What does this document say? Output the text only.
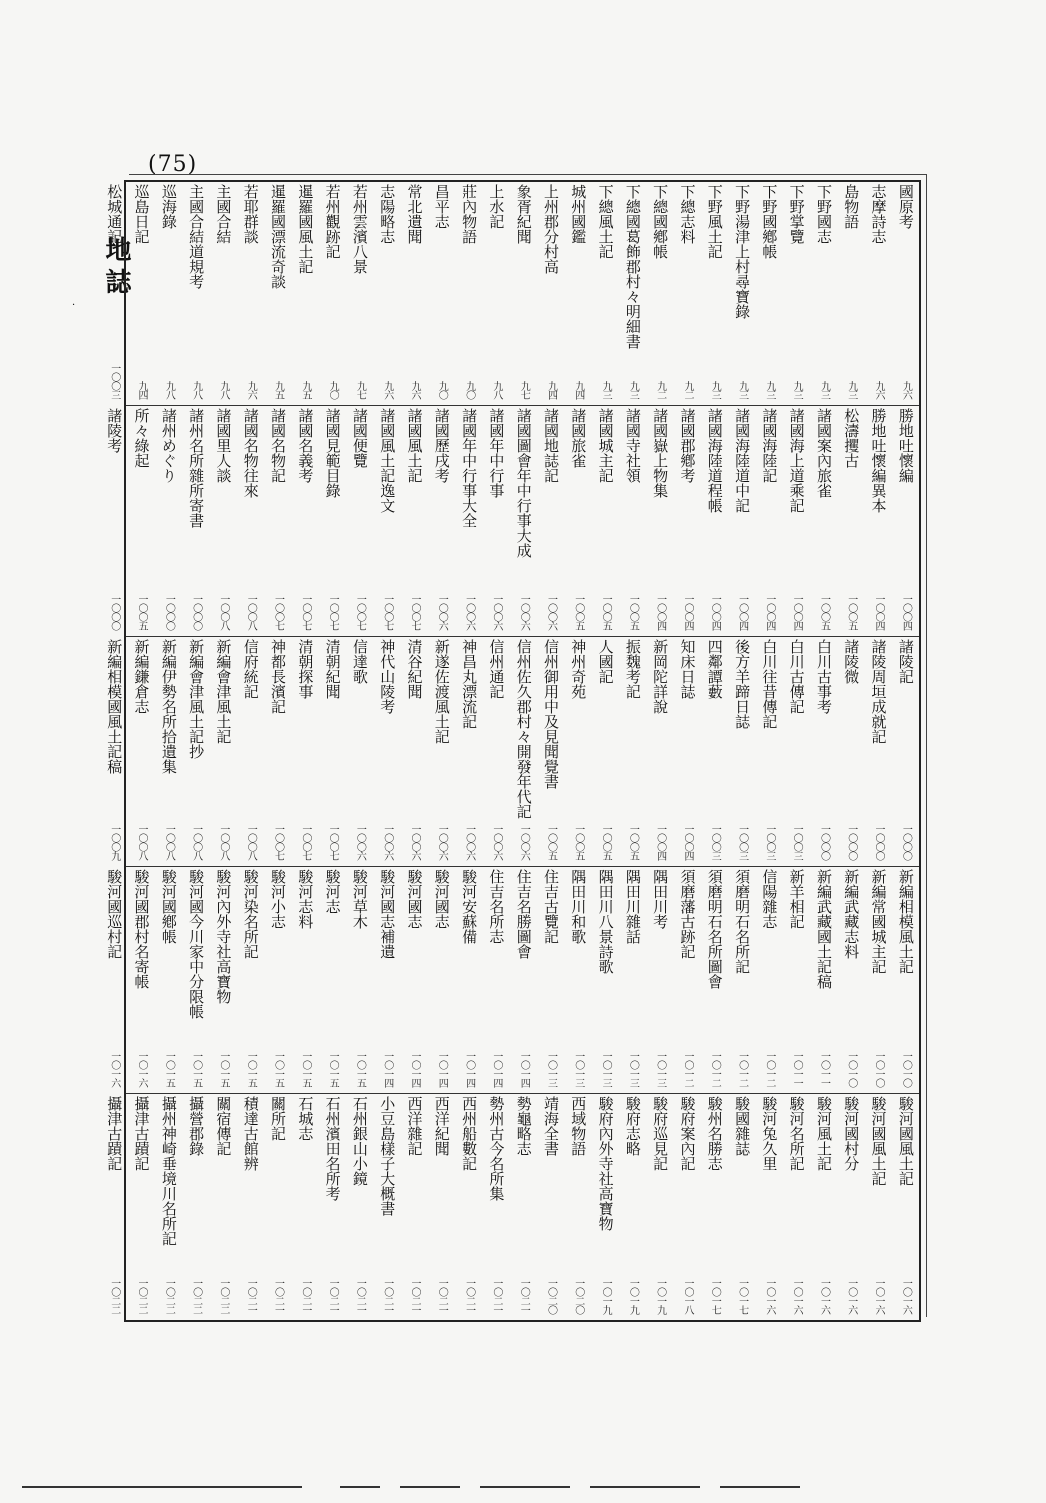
(75)
地誌
·
國原考
九六
志摩詩志
九六
島物語
九三
下野國志
九三
下野掌覽
九三
下野國鄕帳
九三
下野湯津上村尋寶錄
九三
下野風土記
九三
下總志料
九二
下總國鄕帳
九二
下總國葛飾郡村々明細書
九三
下總風土記
九三
城州國鑑
九四
上州郡分村高
九四
象胥紀聞
九七
上水記
九八
莊內物語
九〇
昌平志
九〇
常北遺聞
九六
志陽略志
九六
若州雲濱八景
九七
若州觀跡記
九〇
暹羅國風土記
九五
暹羅國漂流奇談
九五
若耶群談
九六
主國合結
九八
主國合結道規考
九八
巡海錄
九八
巡島日記
九四
松城通記
一〇〇三
勝地吐懷編
一〇〇四
勝地吐懷編異本
一〇〇四
松濤攫古
一〇〇五
諸國案內旅雀
一〇〇五
諸國海上道乘記
一〇〇四
諸國海陸記
一〇〇四
諸國海陸道中記
一〇〇四
諸國海陸道程帳
一〇〇四
諸國郡鄕考
一〇〇四
諸國嶽上物集
一〇〇四
諸國寺社領
一〇〇五
諸國城主記
一〇〇五
諸國旅雀
一〇〇五
諸國地誌記
一〇〇六
諸國圖會年中行事大成
一〇〇六
諸國年中行事
一〇〇六
諸國年中行事大全
一〇〇六
諸國歷戌考
一〇〇六
諸國風土記
一〇〇七
諸國風土記逸文
一〇〇七
諸國便覽
一〇〇七
諸國見範目錄
一〇〇七
諸國名義考
一〇〇七
諸國名物記
一〇〇七
諸國名物往來
一〇〇八
諸國里人談
一〇〇八
諸州名所雜所寄書
一〇〇〇
諸州めぐり
一〇〇〇
所々綠起
一〇〇五
諸陵考
一〇〇〇
諸陵記
一〇〇〇
諸陵周垣成就記
一〇〇〇
諸陵微
一〇〇〇
白川古事考
一〇〇〇
白川古傳記
一〇〇三
白川往昔傳記
一〇〇三
後方羊蹄日誌
一〇〇三
四鄰譚藪
一〇〇三
知床日誌
一〇〇四
新岡陀詳說
一〇〇四
振魏考記
一〇〇五
人國記
一〇〇五
神州奇苑
一〇〇五
信州御用中及見聞覺書
一〇〇五
信州佐久郡村々開發年代記
一〇〇六
信州通記
一〇〇六
神昌丸漂流記
一〇〇六
新遂佐渡風土記
一〇〇六
清谷紀聞
一〇〇六
神代山陵考
一〇〇六
信達歌
一〇〇六
清朝紀聞
一〇〇七
清朝探事
一〇〇七
神都長濱記
一〇〇七
信府統記
一〇〇八
新編會津風土記
一〇〇八
新編會津風土記抄
一〇〇八
新編伊勢名所拾遺集
一〇〇八
新編鎌倉志
一〇〇八
新編相模國風土記稿
一〇〇九
新編相模風土記
一〇一〇
新編常國城主記
一〇一〇
新編武藏志料
一〇一〇
新編武藏國土記稿
一〇一一
新羊相記
一〇一一
信陽雜志
一〇一二
須磨明石名所記
一〇一二
須磨明石名所圖會
一〇一二
須磨藩古跡記
一〇一二
隅田川考
一〇一三
隅田川雜話
一〇一三
隅田川八景詩歌
一〇一三
隅田川和歌
一〇一三
住吉古覽記
一〇一三
住吉名勝圖會
一〇一四
住吉名所志
一〇一四
駿河安蘇備
一〇一四
駿河國志
一〇一四
駿河國志
一〇一四
駿河國志補遺
一〇一四
駿河草木
一〇一五
駿河志
一〇一五
駿河志料
一〇一五
駿河小志
一〇一五
駿河染名所記
一〇一五
駿河內外寺社高寶物
一〇一五
駿河國今川家中分限帳
一〇一五
駿河國鄕帳
一〇一五
駿河國郡村名寄帳
一〇一六
駿河國巡村記
一〇一六
駿河國風土記
一〇一六
駿河國風土記
一〇一六
駿河國村分
一〇一六
駿河風土記
一〇一六
駿河名所記
一〇一六
駿河兔久里
一〇一六
駿國雜誌
一〇一七
駿州名勝志
一〇一七
駿府案內記
一〇一八
駿府巡見記
一〇一九
駿府志略
一〇一九
駿府內外寺社高寶物
一〇一九
西域物語
一〇二〇
靖海全書
一〇二〇
勢龜略志
一〇二一
勢州古今名所集
一〇二一
西州船數記
一〇二一
西洋紀聞
一〇二一
西洋雜記
一〇二一
小豆島樣子大概書
一〇二一
石州銀山小鏡
一〇二一
石州濱田名所考
一〇二一
石城志
一〇二一
關所記
一〇二一
積達古館辨
一〇二一
關宿傳記
一〇二二
攝營郡錄
一〇二二
攝州神崎垂境川名所記
一〇二二
攝津古蹟記
一〇二二
攝津古蹟記
一〇二二
